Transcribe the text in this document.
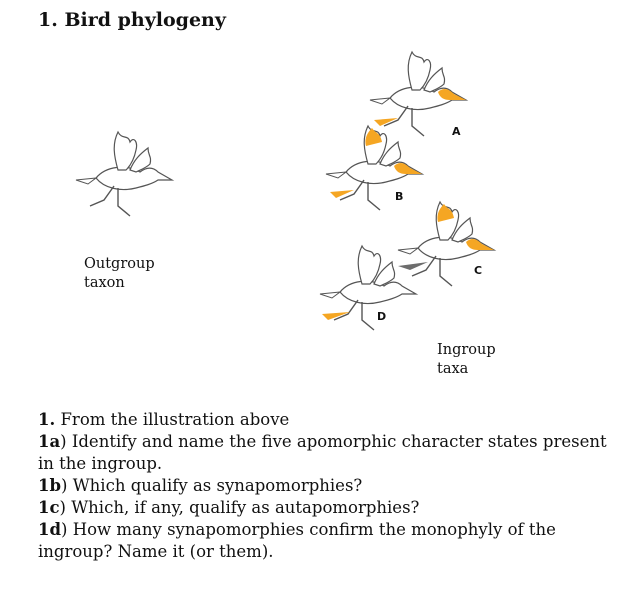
1. Bird phylogeny
A
B
C
D
Outgroup
taxon
Ingroup
taxa

1. From the illustration above

1a) Identify and name the five apomorphic character states present in the ingroup.

1b) Which qualify as synapomorphies?

1c) Which, if any, qualify as autapomorphies?

1d) How many synapomorphies confirm the monophyly of the ingroup? Name it (or them).
